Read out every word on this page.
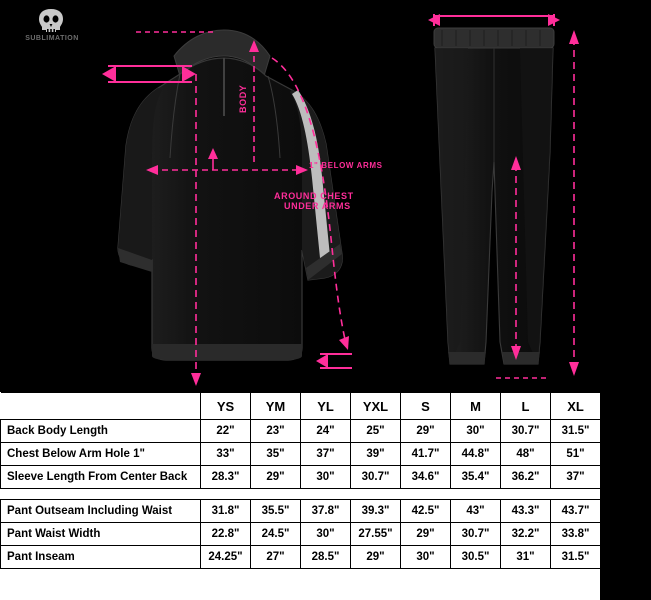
SUBLIMATION
BODY
1" BELOW ARMS
AROUND CHEST
UNDER ARMS
	YS	YM	YL	YXL	S	M	L	XL	2XL
Back Body Length	22"	23"	24"	25"	29"	30"	30.7"	31.5"	32.2"
Chest Below Arm Hole 1"	33"	35"	37"	39"	41.7"	44.8"	48"	51"	54.3"
Sleeve Length From Center Back	28.3"	29"	30"	30.7"	34.6"	35.4"	36.2"	37"	37.8"

Pant Outseam Including Waist	31.8"	35.5"	37.8"	39.3"	42.5"	43"	43.3"	43.7"	44"
Pant Waist Width	22.8"	24.5"	30"	27.55"	29"	30.7"	32.2"	33.8"	35.5"
Pant Inseam	24.25"	27"	28.5"	29"	30"	30.5"	31"	31.5"	32"
